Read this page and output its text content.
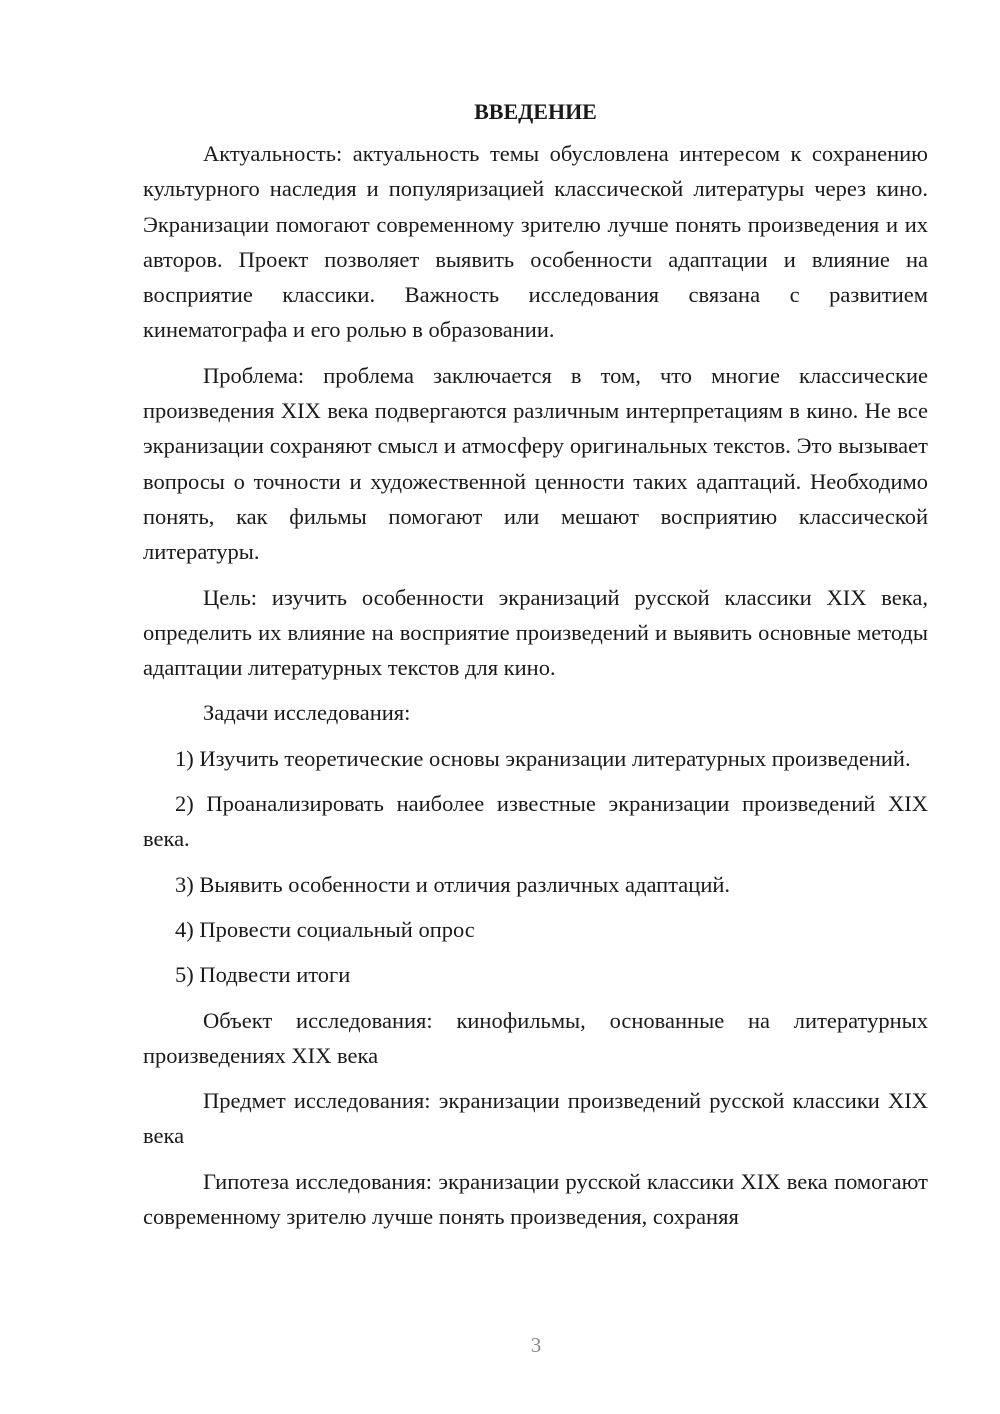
ВВЕДЕНИЕ

Актуальность: актуальность темы обусловлена интересом к сохранению культурного наследия и популяризацией классической литературы через кино. Экранизации помогают современному зрителю лучше понять произведения и их авторов. Проект позволяет выявить особенности адаптации и влияние на восприятие классики. Важность исследования связана с развитием кинематографа и его ролью в образовании.

Проблема: проблема заключается в том, что многие классические произведения XIX века подвергаются различным интерпретациям в кино. Не все экранизации сохраняют смысл и атмосферу оригинальных текстов. Это вызывает вопросы о точности и художественной ценности таких адаптаций. Необходимо понять, как фильмы помогают или мешают восприятию классической литературы.

Цель: изучить особенности экранизаций русской классики XIX века, определить их влияние на восприятие произведений и выявить основные методы адаптации литературных текстов для кино.

Задачи исследования:

1) Изучить теоретические основы экранизации литературных произведений.

2) Проанализировать наиболее известные экранизации произведений XIX века.

3) Выявить особенности и отличия различных адаптаций.

4) Провести социальный опрос

5) Подвести итоги

Объект исследования: кинофильмы, основанные на литературных произведениях XIX века

Предмет исследования: экранизации произведений русской классики XIX века

Гипотеза исследования: экранизации русской классики XIX века помогают современному зрителю лучше понять произведения, сохраняя

3
